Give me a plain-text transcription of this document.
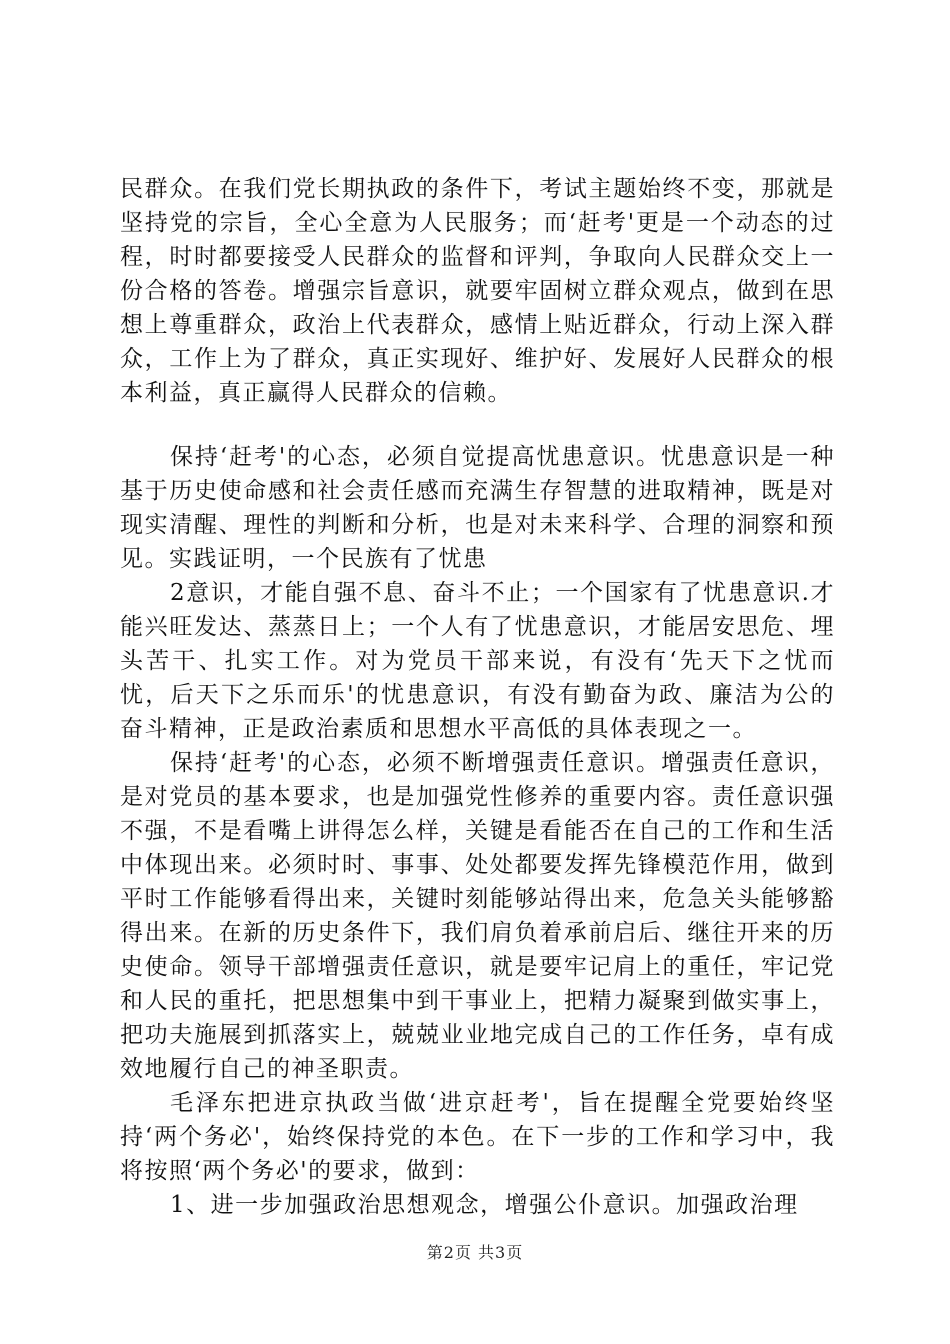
民群众。在我们党长期执政的条件下，考试主题始终不变，那就是坚持党的宗旨，全心全意为人民服务；而‘赶考'更是一个动态的过程，时时都要接受人民群众的监督和评判，争取向人民群众交上一份合格的答卷。增强宗旨意识，就要牢固树立群众观点，做到在思想上尊重群众，政治上代表群众，感情上贴近群众，行动上深入群众，工作上为了群众，真正实现好、维护好、发展好人民群众的根本利益，真正赢得人民群众的信赖。

保持‘赶考'的心态，必须自觉提高忧患意识。忧患意识是一种基于历史使命感和社会责任感而充满生存智慧的进取精神，既是对现实清醒、理性的判断和分析，也是对未来科学、合理的洞察和预见。实践证明，一个民族有了忧患

2意识，才能自强不息、奋斗不止；一个国家有了忧患意识.才能兴旺发达、蒸蒸日上；一个人有了忧患意识，才能居安思危、埋头苦干、扎实工作。对为党员干部来说，有没有‘先天下之忧而忧，后天下之乐而乐'的忧患意识，有没有勤奋为政、廉洁为公的奋斗精神，正是政治素质和思想水平高低的具体表现之一。

保持‘赶考'的心态，必须不断增强责任意识。增强责任意识，是对党员的基本要求，也是加强党性修养的重要内容。责任意识强不强，不是看嘴上讲得怎么样，关键是看能否在自己的工作和生活中体现出来。必须时时、事事、处处都要发挥先锋模范作用，做到平时工作能够看得出来，关键时刻能够站得出来，危急关头能够豁得出来。在新的历史条件下，我们肩负着承前启后、继往开来的历史使命。领导干部增强责任意识，就是要牢记肩上的重任，牢记党和人民的重托，把思想集中到干事业上，把精力凝聚到做实事上，把功夫施展到抓落实上，兢兢业业地完成自己的工作任务，卓有成效地履行自己的神圣职责。

毛泽东把进京执政当做‘进京赶考'，旨在提醒全党要始终坚持‘两个务必'，始终保持党的本色。在下一步的工作和学习中，我将按照‘两个务必'的要求，做到：

1、进一步加强政治思想观念，增强公仆意识。加强政治理

第2页 共3页
